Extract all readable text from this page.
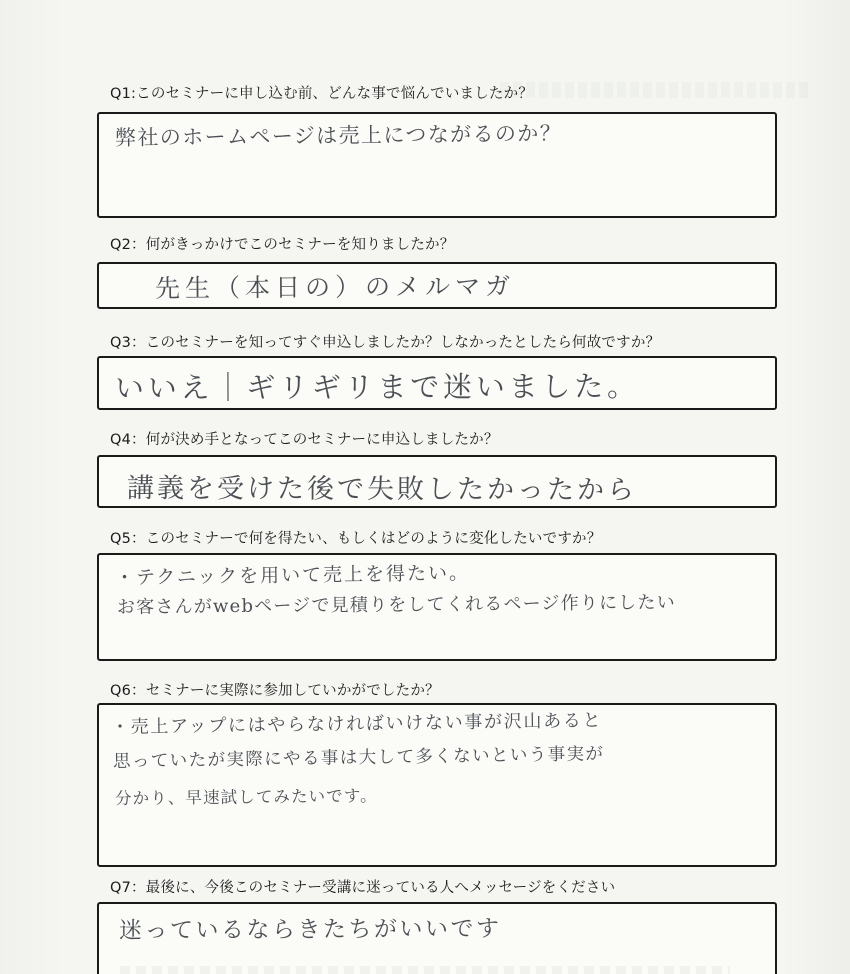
Q1:このセミナーに申し込む前、どんな事で悩んでいましたか？
弊社のホームページは売上につながるのか？
Q2：何がきっかけでこのセミナーを知りましたか？
先生（本日の）のメルマガ
Q3：このセミナーを知ってすぐ申込しましたか？しなかったとしたら何故ですか？
いいえ｜ギリギリまで迷いました。
Q4：何が決め手となってこのセミナーに申込しましたか？
講義を受けた後で失敗したかったから
Q5：このセミナーで何を得たい、もしくはどのように変化したいですか？
・テクニックを用いて売上を得たい。
お客さんがwebページで見積りをしてくれるページ作りにしたい
Q6：セミナーに実際に参加していかがでしたか？
・売上アップにはやらなければいけない事が沢山あると
思っていたが実際にやる事は大して多くないという事実が
分かり、早速試してみたいです。
Q7：最後に、今後このセミナー受講に迷っている人へメッセージをください
迷っているならきたちがいいです
